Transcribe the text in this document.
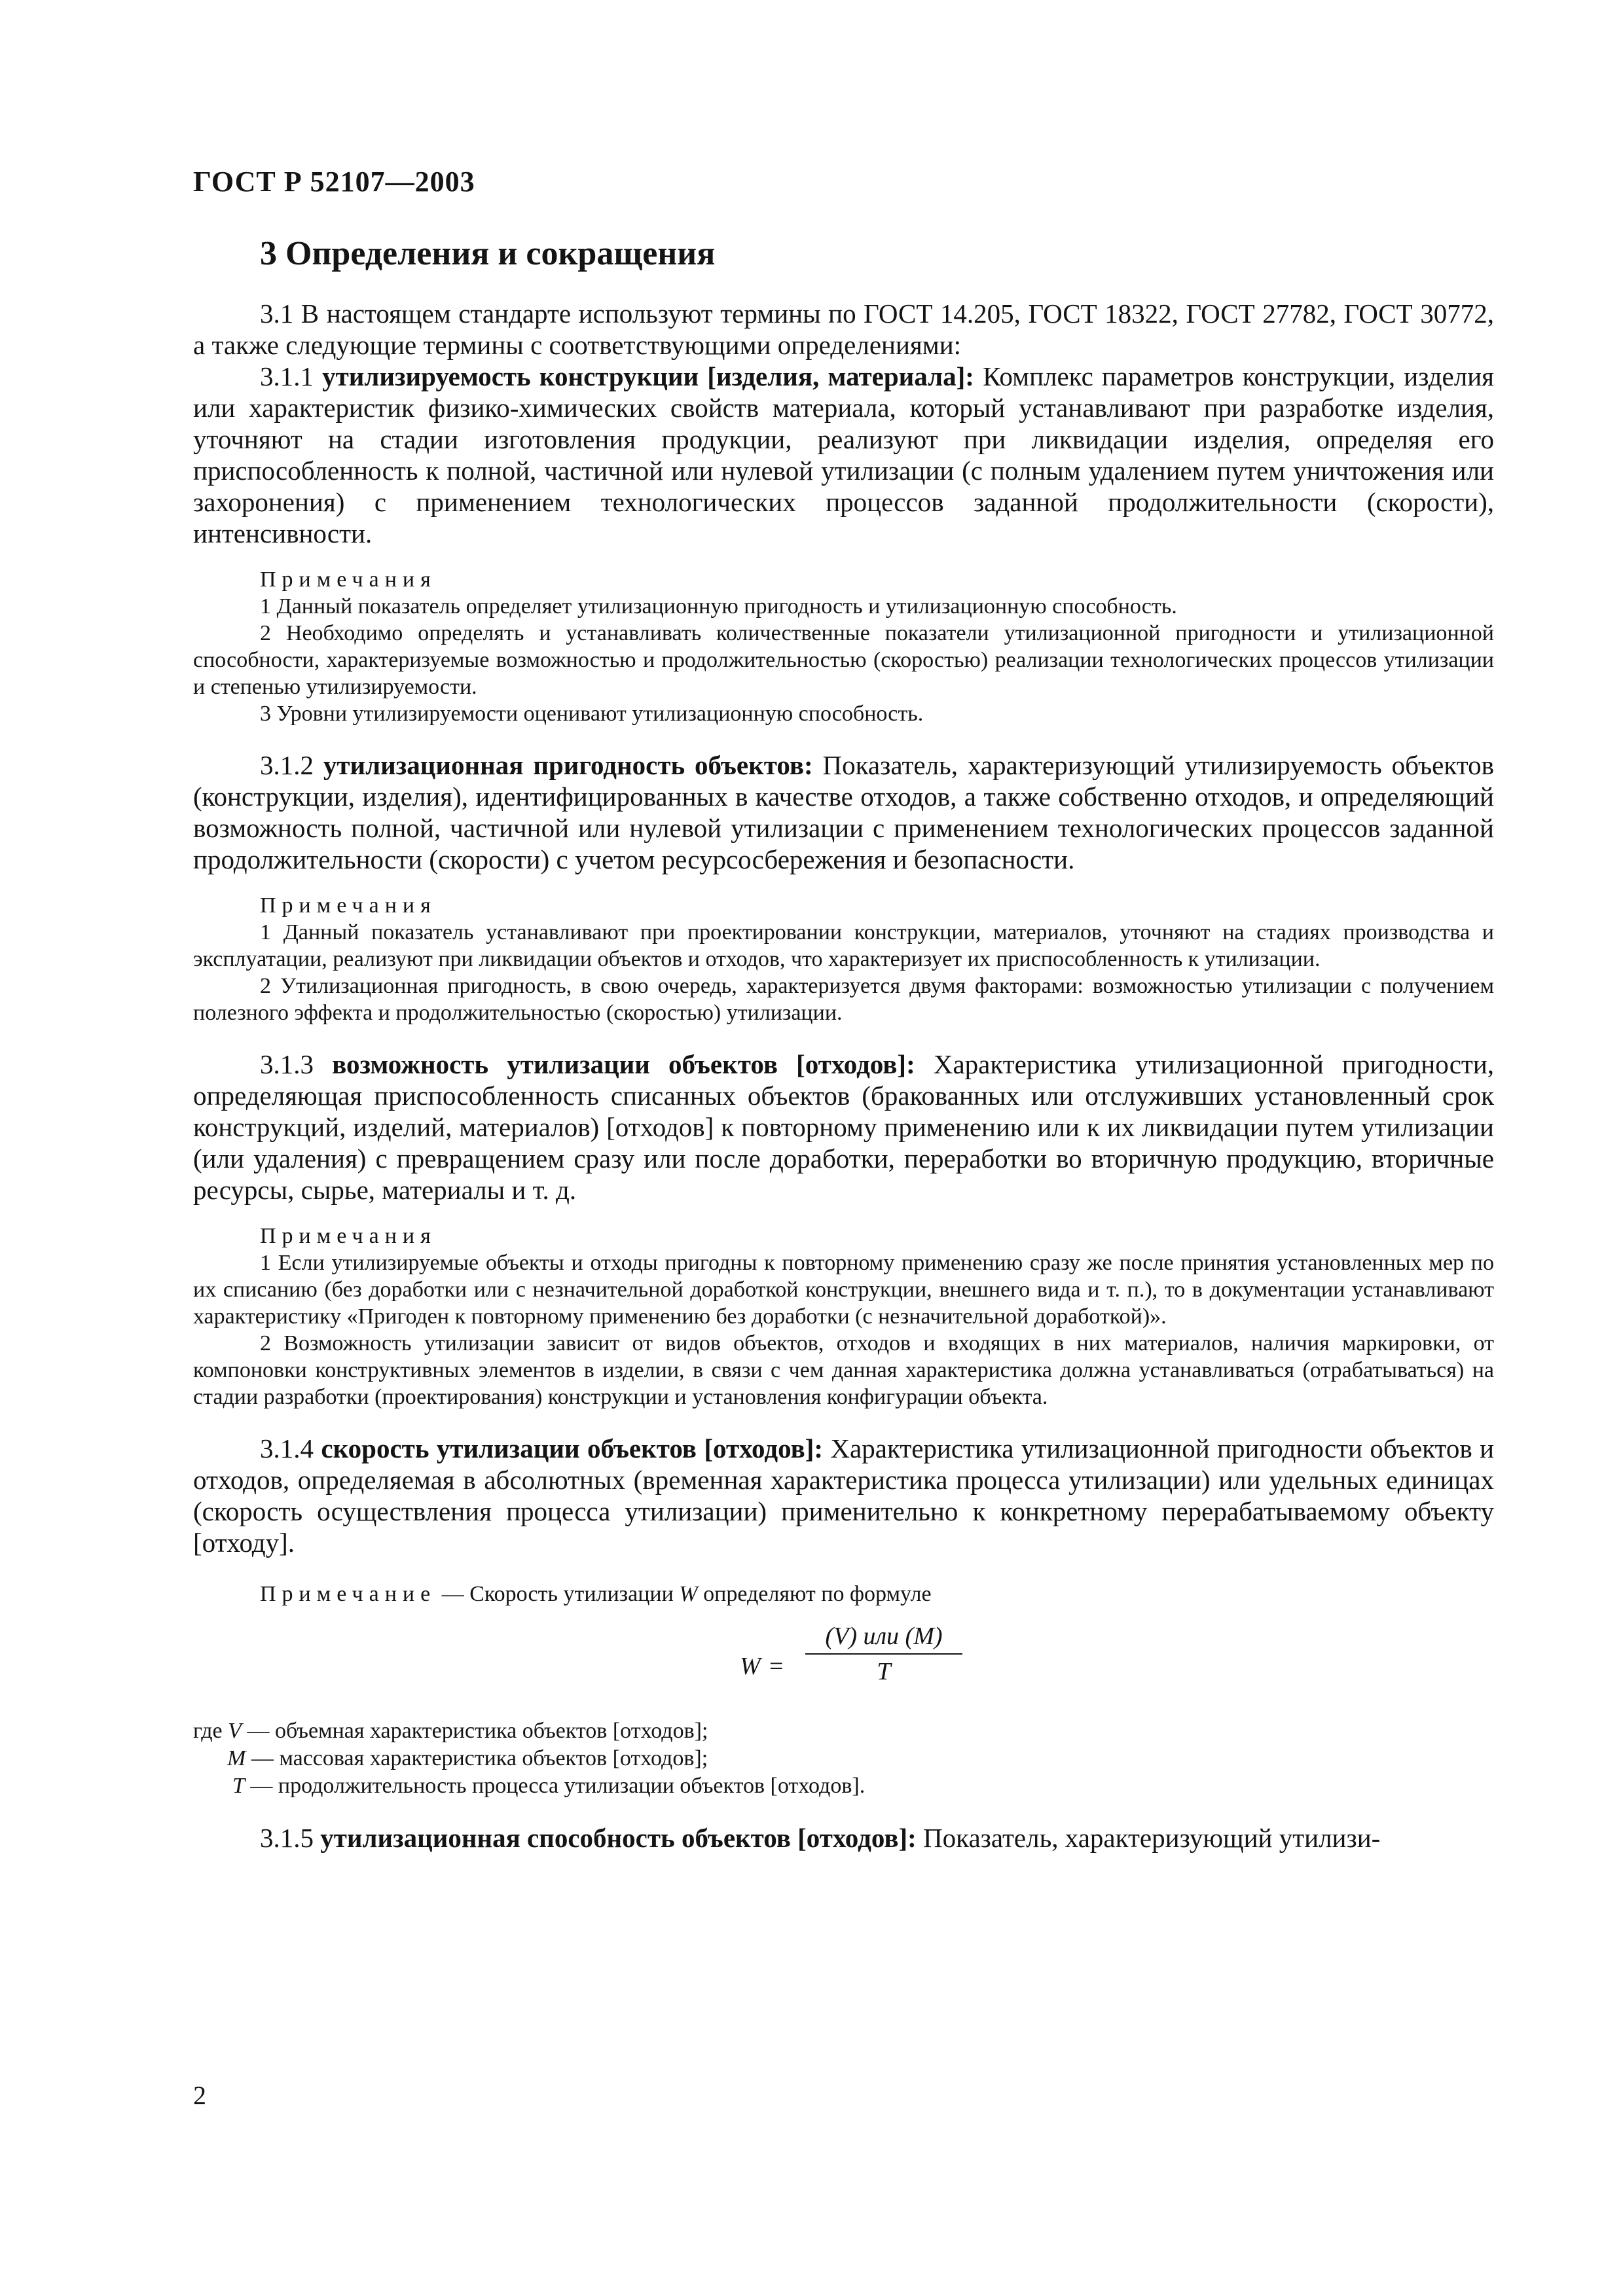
ГОСТ Р 52107—2003
3 Определения и сокращения

3.1 В настоящем стандарте используют термины по ГОСТ 14.205, ГОСТ 18322, ГОСТ 27782, ГОСТ 30772, а также следующие термины с соответствующими определениями:

3.1.1 утилизируемость конструкции [изделия, материала]: Комплекс параметров конструкции, изделия или характеристик физико-химических свойств материала, который устанавливают при разработке изделия, уточняют на стадии изготовления продукции, реализуют при ликвидации изделия, определяя его приспособленность к полной, частичной или нулевой утилизации (с полным удалением путем уничтожения или захоронения) с применением технологических процессов заданной продолжительности (скорости), интенсивности.

Примечания
1 Данный показатель определяет утилизационную пригодность и утилизационную способность.
2 Необходимо определять и устанавливать количественные показатели утилизационной пригодности и утилизационной способности, характеризуемые возможностью и продолжительностью (скоростью) реализации технологических процессов утилизации и степенью утилизируемости.
3 Уровни утилизируемости оценивают утилизационную способность.

3.1.2 утилизационная пригодность объектов: Показатель, характеризующий утилизируемость объектов (конструкции, изделия), идентифицированных в качестве отходов, а также собственно отходов, и определяющий возможность полной, частичной или нулевой утилизации с применением технологических процессов заданной продолжительности (скорости) с учетом ресурсосбережения и безопасности.

Примечания
1 Данный показатель устанавливают при проектировании конструкции, материалов, уточняют на стадиях производства и эксплуатации, реализуют при ликвидации объектов и отходов, что характеризует их приспособленность к утилизации.
2 Утилизационная пригодность, в свою очередь, характеризуется двумя факторами: возможностью утилизации с получением полезного эффекта и продолжительностью (скоростью) утилизации.

3.1.3 возможность утилизации объектов [отходов]: Характеристика утилизационной пригодности, определяющая приспособленность списанных объектов (бракованных или отслуживших установленный срок конструкций, изделий, материалов) [отходов] к повторному применению или к их ликвидации путем утилизации (или удаления) с превращением сразу или после доработки, переработки во вторичную продукцию, вторичные ресурсы, сырье, материалы и т. д.

Примечания
1 Если утилизируемые объекты и отходы пригодны к повторному применению сразу же после принятия установленных мер по их списанию (без доработки или с незначительной доработкой конструкции, внешнего вида и т. п.), то в документации устанавливают характеристику «Пригоден к повторному применению без доработки (с незначительной доработкой)».
2 Возможность утилизации зависит от видов объектов, отходов и входящих в них материалов, наличия маркировки, от компоновки конструктивных элементов в изделии, в связи с чем данная характеристика должна устанавливаться (отрабатываться) на стадии разработки (проектирования) конструкции и установления конфигурации объекта.

3.1.4 скорость утилизации объектов [отходов]: Характеристика утилизационной пригодности объектов и отходов, определяемая в абсолютных (временная характеристика процесса утилизации) или удельных единицах (скорость осуществления процесса утилизации) применительно к конкретному перерабатываемому объекту [отходу].

Примечание — Скорость утилизации W определяют по формуле
W =
(V) или (M)
T
где V — объемная характеристика объектов [отходов];
M — массовая характеристика объектов [отходов];
T — продолжительность процесса утилизации объектов [отходов].

3.1.5 утилизационная способность объектов [отходов]: Показатель, характеризующий утилизи-

2
